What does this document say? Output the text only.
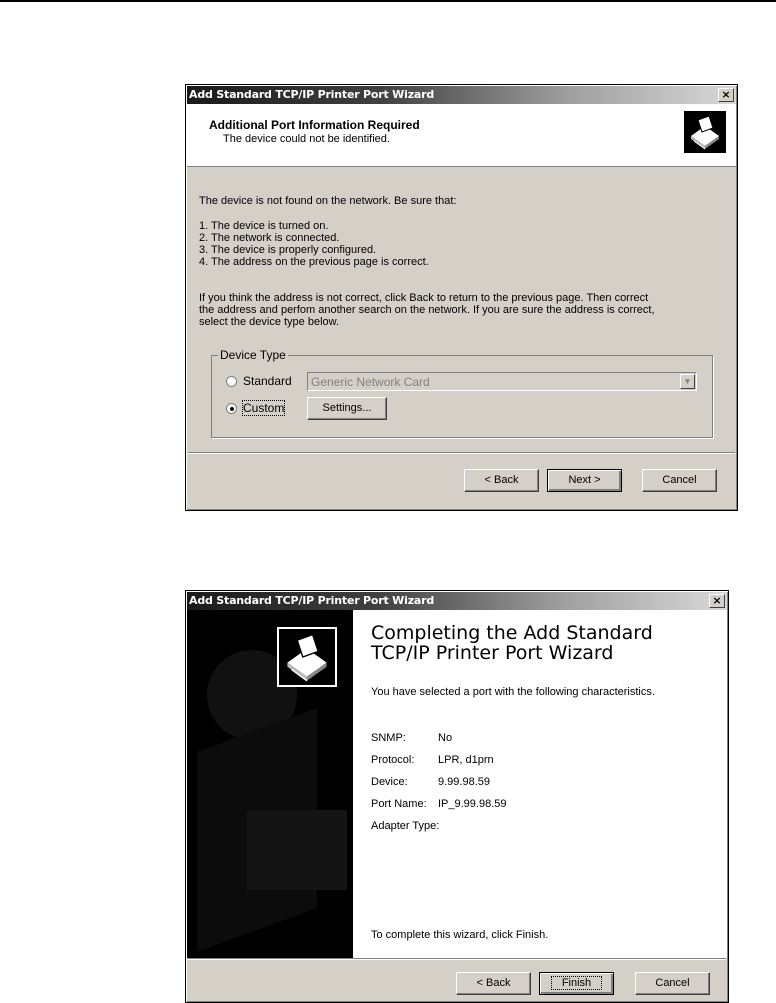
Add Standard TCP/IP Printer Port Wizard	×
Additional Port Information Required
The device could not be identified.
The device is not found on the network. Be sure that:
1. The device is turned on.
2. The network is connected.
3. The device is properly configured.
4. The address on the previous page is correct.
If you think the address is not correct, click Back to return to the previous page. Then correct
the address and perfom another search on the network. If you are sure the address is correct,
select the device type below.
Device Type
Standard Generic Network Card	▼
Custom	Settings...
< Back	Next >	Cancel
Add Standard TCP/IP Printer Port Wizard	×
Completing the Add Standard
TCP/IP Printer Port Wizard
You have selected a port with the following characteristics.
SNMP:	No
Protocol: LPR, d1prn
Device:	9.99.98.59
Port Name: IP_9.99.98.59
Adapter Type:
To complete this wizard, click Finish.
< Back	Finish	Cancel
